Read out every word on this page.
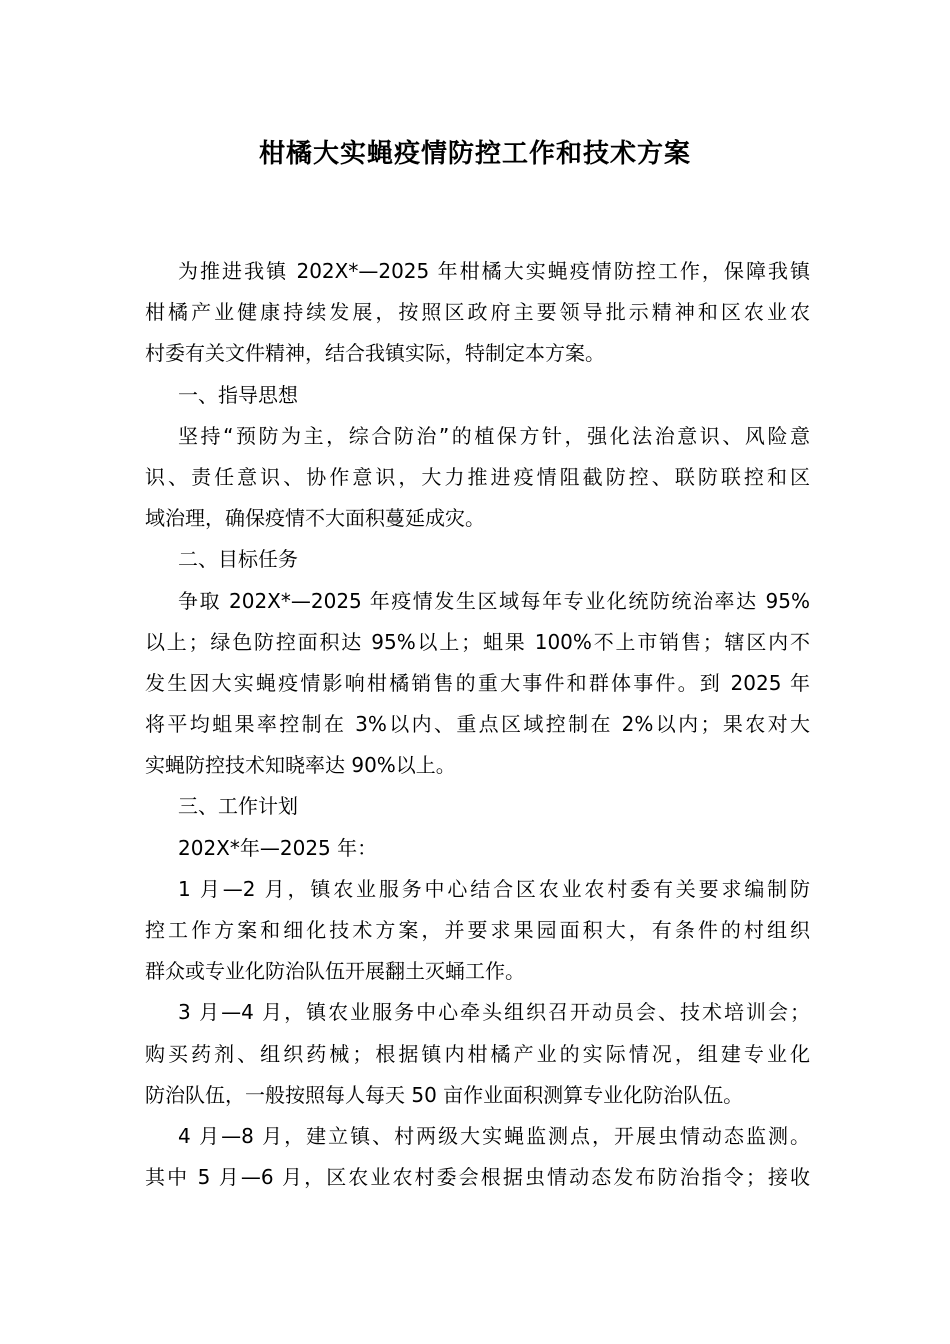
柑橘大实蝇疫情防控工作和技术方案
为推进我镇 202X*—2025 年柑橘大实蝇疫情防控工作，保障我镇
柑橘产业健康持续发展，按照区政府主要领导批示精神和区农业农
村委有关文件精神，结合我镇实际，特制定本方案。
一、指导思想
坚持“预防为主，综合防治”的植保方针，强化法治意识、风险意
识、责任意识、协作意识，大力推进疫情阻截防控、联防联控和区
域治理，确保疫情不大面积蔓延成灾。
二、目标任务
争取 202X*—2025 年疫情发生区域每年专业化统防统治率达 95%
以上；绿色防控面积达 95%以上；蛆果 100%不上市销售；辖区内不
发生因大实蝇疫情影响柑橘销售的重大事件和群体事件。到 2025 年
将平均蛆果率控制在 3%以内、重点区域控制在 2%以内；果农对大
实蝇防控技术知晓率达 90%以上。
三、工作计划
202X*年—2025 年：
1 月—2 月，镇农业服务中心结合区农业农村委有关要求编制防
控工作方案和细化技术方案，并要求果园面积大，有条件的村组织
群众或专业化防治队伍开展翻土灭蛹工作。
3 月—4 月，镇农业服务中心牵头组织召开动员会、技术培训会；
购买药剂、组织药械；根据镇内柑橘产业的实际情况，组建专业化
防治队伍，一般按照每人每天 50 亩作业面积测算专业化防治队伍。
4 月—8 月，建立镇、村两级大实蝇监测点，开展虫情动态监测。
其中 5 月—6 月，区农业农村委会根据虫情动态发布防治指令；接收
